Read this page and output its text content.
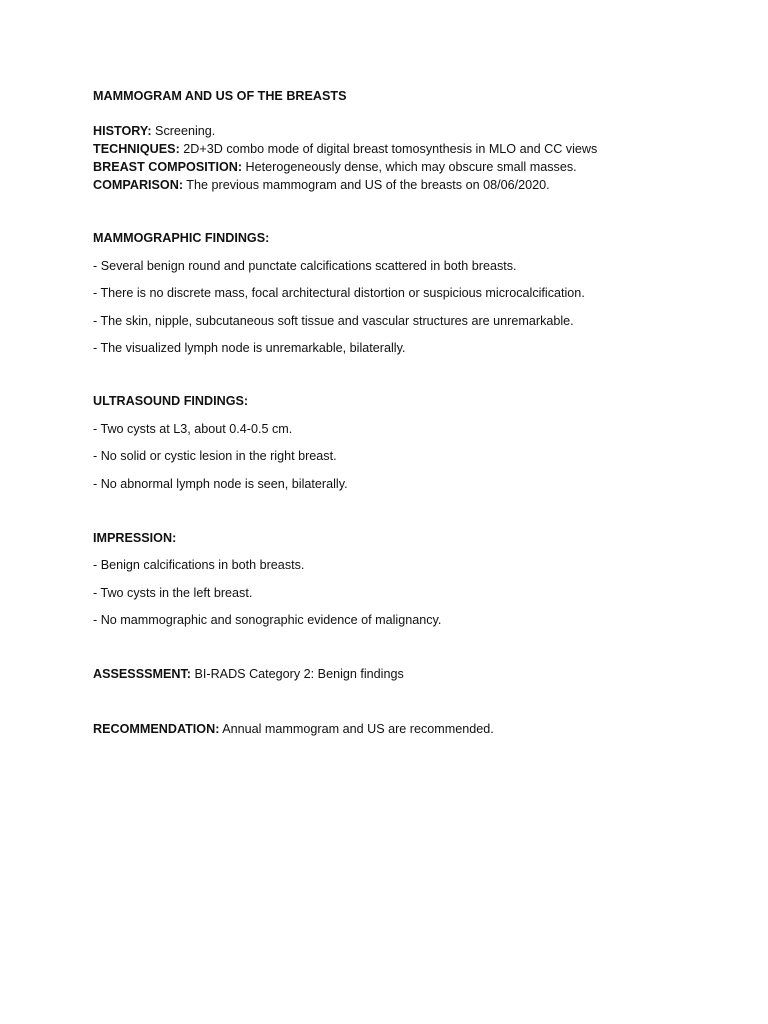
MAMMOGRAM AND US OF THE BREASTS
HISTORY: Screening.
TECHNIQUES: 2D+3D combo mode of digital breast tomosynthesis in MLO and CC views
BREAST COMPOSITION: Heterogeneously dense, which may obscure small masses.
COMPARISON: The previous mammogram and US of the breasts on 08/06/2020.
MAMMOGRAPHIC FINDINGS:
- Several benign round and punctate calcifications scattered in both breasts.
- There is no discrete mass, focal architectural distortion or suspicious microcalcification.
- The skin, nipple, subcutaneous soft tissue and vascular structures are unremarkable.
- The visualized lymph node is unremarkable, bilaterally.
ULTRASOUND FINDINGS:
- Two cysts at L3, about 0.4-0.5 cm.
- No solid or cystic lesion in the right breast.
- No abnormal lymph node is seen, bilaterally.
IMPRESSION:
- Benign calcifications in both breasts.
- Two cysts in the left breast.
- No mammographic and sonographic evidence of malignancy.
ASSESSSMENT: BI-RADS Category 2: Benign findings
RECOMMENDATION: Annual mammogram and US are recommended.
